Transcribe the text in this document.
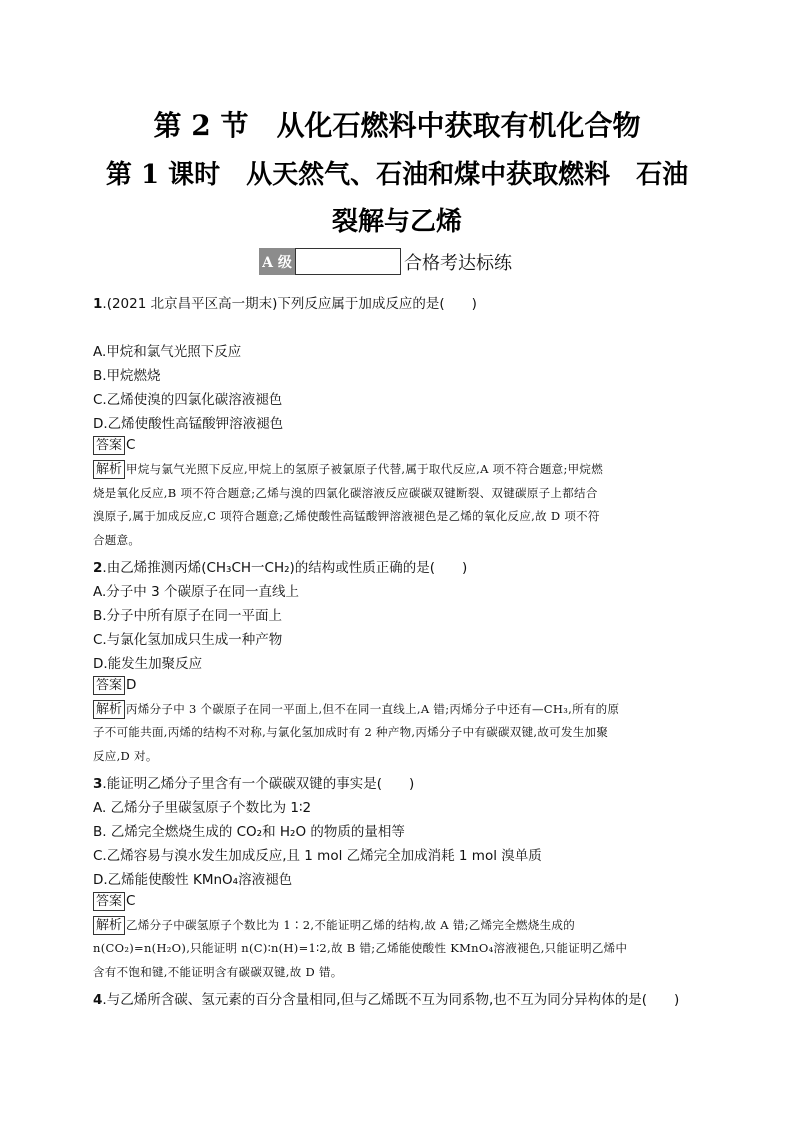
第 2 节　从化石燃料中获取有机化合物
第 1 课时　从天然气、石油和煤中获取燃料　石油
裂解与乙烯
A 级	合格考达标练
1.(2021 北京昌平区高一期末)下列反应属于加成反应的是(　　)
A.甲烷和氯气光照下反应
B.甲烷燃烧
C.乙烯使溴的四氯化碳溶液褪色
D.乙烯使酸性高锰酸钾溶液褪色
答案 C
解析 甲烷与氯气光照下反应,甲烷上的氢原子被氯原子代替,属于取代反应,A 项不符合题意;甲烷燃
烧是氧化反应,B 项不符合题意;乙烯与溴的四氯化碳溶液反应碳碳双键断裂、双键碳原子上都结合
溴原子,属于加成反应,C 项符合题意;乙烯使酸性高锰酸钾溶液褪色是乙烯的氧化反应,故 D 项不符
合题意。
2.由乙烯推测丙烯(CH₃CH一CH₂)的结构或性质正确的是(　　)
A.分子中 3 个碳原子在同一直线上
B.分子中所有原子在同一平面上
C.与氯化氢加成只生成一种产物
D.能发生加聚反应
答案 D
解析 丙烯分子中 3 个碳原子在同一平面上,但不在同一直线上,A 错;丙烯分子中还有—CH₃,所有的原
子不可能共面,丙烯的结构不对称,与氯化氢加成时有 2 种产物,丙烯分子中有碳碳双键,故可发生加聚
反应,D 对。
3.能证明乙烯分子里含有一个碳碳双键的事实是(　　)
A. 乙烯分子里碳氢原子个数比为 1∶2
B. 乙烯完全燃烧生成的 CO₂和 H₂O 的物质的量相等
C.乙烯容易与溴水发生加成反应,且 1 mol 乙烯完全加成消耗 1 mol 溴单质
D.乙烯能使酸性 KMnO₄溶液褪色
答案 C
解析 乙烯分子中碳氢原子个数比为 1∶2,不能证明乙烯的结构,故 A 错;乙烯完全燃烧生成的
n(CO₂)=n(H₂O),只能证明 n(C)∶n(H)=1∶2,故 B 错;乙烯能使酸性 KMnO₄溶液褪色,只能证明乙烯中
含有不饱和键,不能证明含有碳碳双键,故 D 错。
4.与乙烯所含碳、氢元素的百分含量相同,但与乙烯既不互为同系物,也不互为同分异构体的是(　　)
